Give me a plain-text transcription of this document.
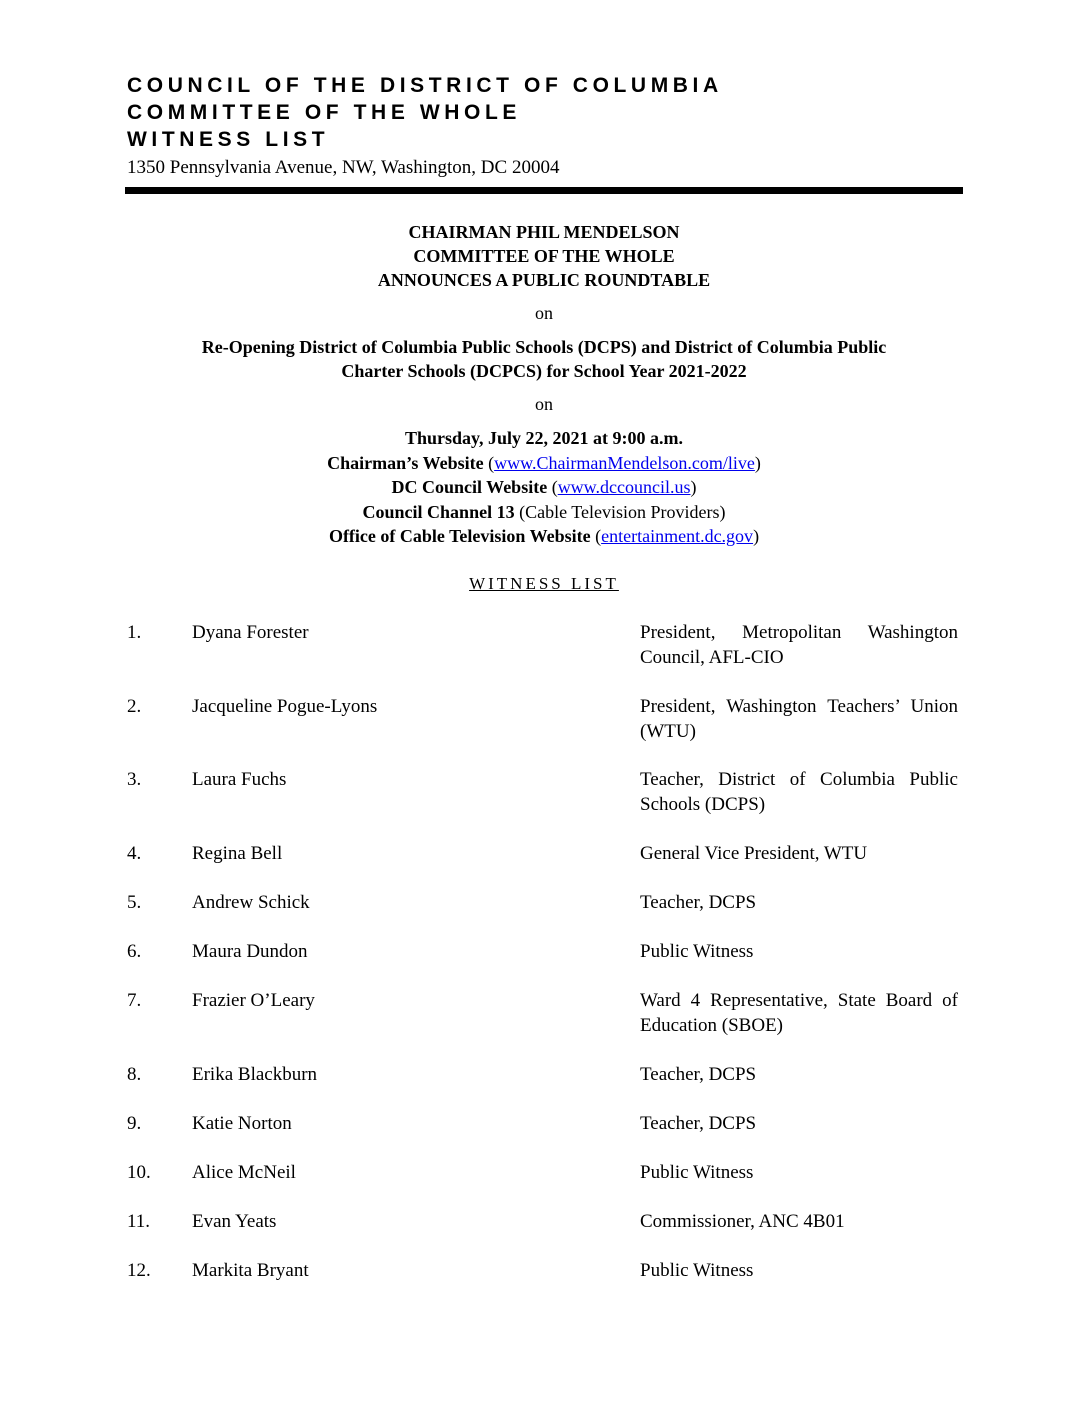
COUNCIL OF THE DISTRICT OF COLUMBIA
COMMITTEE OF THE WHOLE
WITNESS LIST
1350 Pennsylvania Avenue, NW, Washington, DC 20004
CHAIRMAN PHIL MENDELSON
COMMITTEE OF THE WHOLE
ANNOUNCES A PUBLIC ROUNDTABLE
on
Re-Opening District of Columbia Public Schools (DCPS) and District of Columbia Public
Charter Schools (DCPCS) for School Year 2021-2022
on
Thursday, July 22, 2021 at 9:00 a.m.
Chairman’s Website (www.ChairmanMendelson.com/live)
DC Council Website (www.dccouncil.us)
Council Channel 13 (Cable Television Providers)
Office of Cable Television Website (entertainment.dc.gov)
WITNESS LIST
1.	Dyana Forester	President, Metropolitan Washington Council, AFL-CIO
2.	Jacqueline Pogue-Lyons	President, Washington Teachers’ Union (WTU)
3.	Laura Fuchs	Teacher, District of Columbia Public Schools (DCPS)
4.	Regina Bell	General Vice President, WTU
5.	Andrew Schick	Teacher, DCPS
6.	Maura Dundon	Public Witness
7.	Frazier O’Leary	Ward 4 Representative, State Board of Education (SBOE)
8.	Erika Blackburn	Teacher, DCPS
9.	Katie Norton	Teacher, DCPS
10. Alice McNeil	Public Witness
11. Evan Yeats	Commissioner, ANC 4B01
12. Markita Bryant	Public Witness
